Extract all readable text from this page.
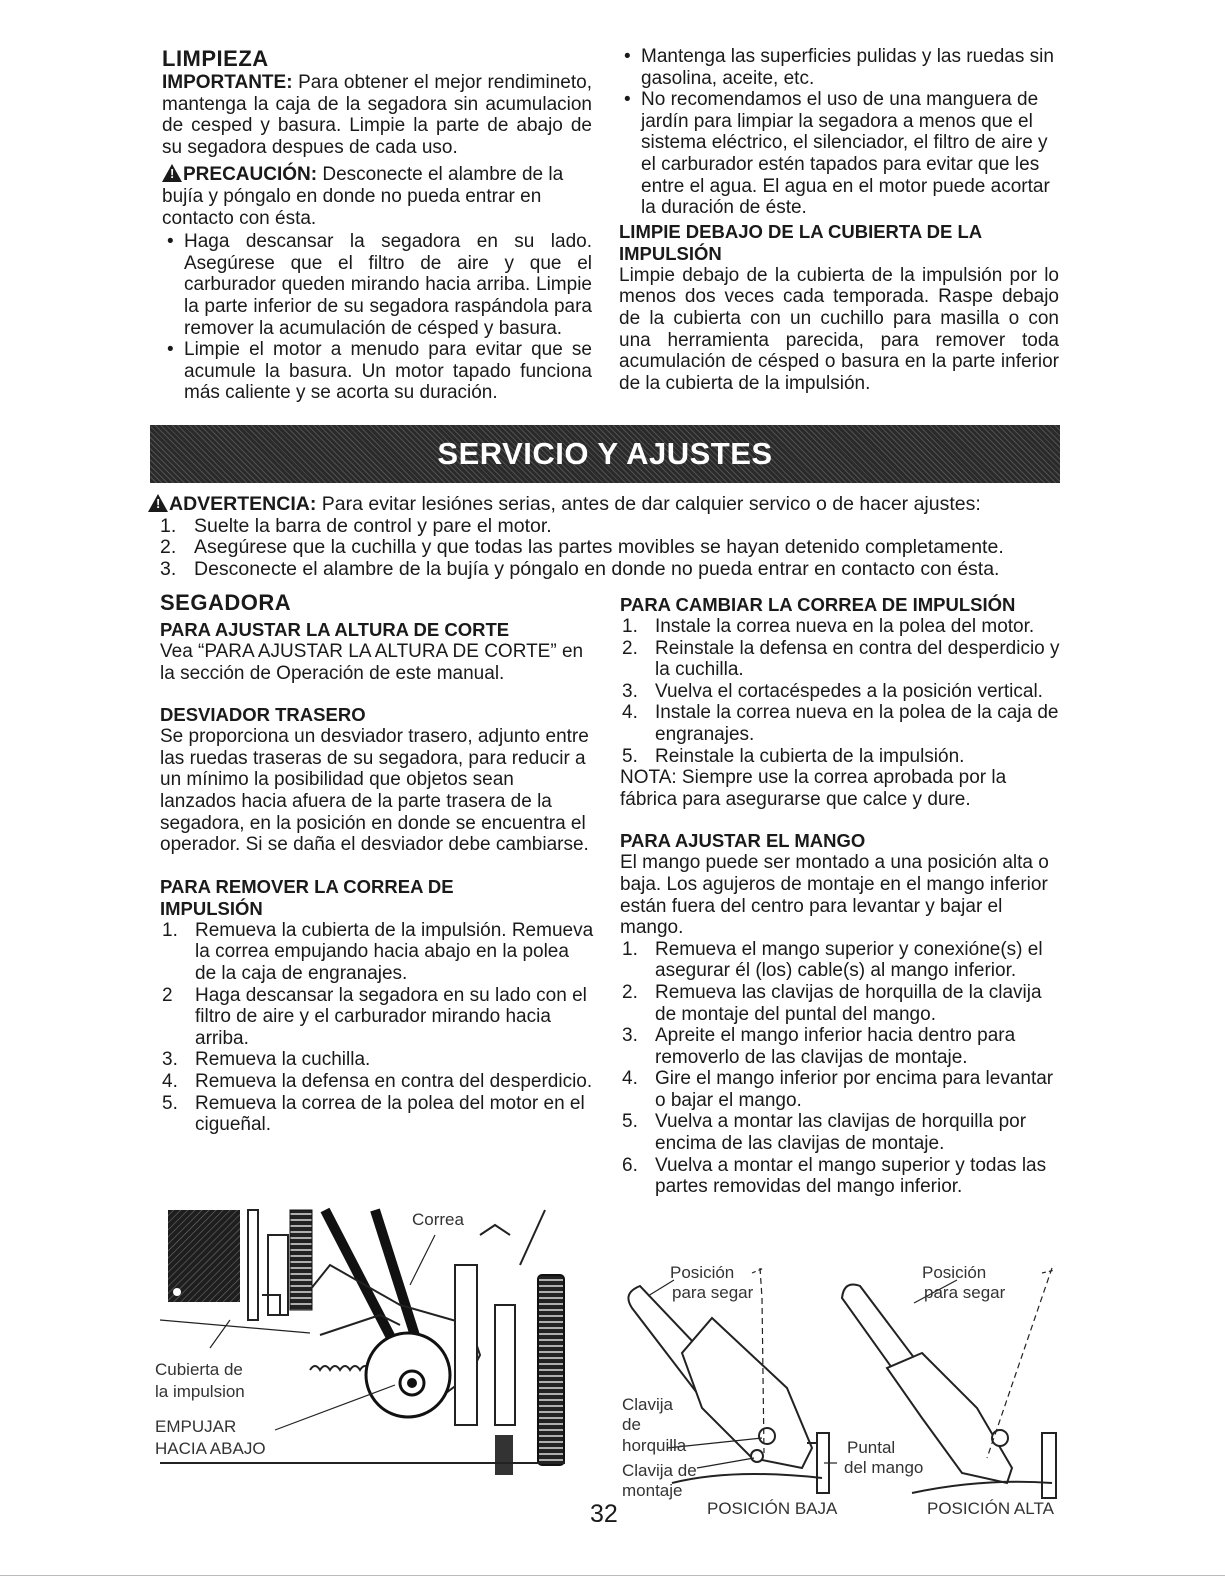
LIMPIEZA

IMPORTANTE: Para obtener el mejor rendimineto, mantenga la caja de la segadora sin acumulacion de cesped y basura. Limpie la parte de abajo de su segadora despues de cada uso.

!PRECAUCIÓN: Desconecte el alambre de la bujía y póngalo en donde no pueda entrar en contacto con ésta.

• Haga descansar la segadora en su lado. Asegúrese que el filtro de aire y que el carburador queden mirando hacia arriba. Limpie la parte inferior de su segadora raspándola para remover la acumulación de césped y basura.
• Limpie el motor a menudo para evitar que se acumule la basura. Un motor tapado funciona más caliente y se acorta su duración.
• Mantenga las superficies pulidas y las ruedas sin gasolina, aceite, etc.
• No recomendamos el uso de una manguera de jardín para limpiar la segadora a menos que el sistema eléctrico, el silenciador, el filtro de aire y el carburador estén tapados para evitar que les entre el agua. El agua en el motor puede acortar la duración de éste.
LIMPIE DEBAJO DE LA CUBIERTA DE LA IMPULSIÓN

Limpie debajo de la cubierta de la impulsión por lo menos dos veces cada temporada. Raspe debajo de la cubierta con un cuchillo para masilla o con una herramienta parecida, para remover toda acumulación de césped o basura en la parte inferior de la cubierta de la impulsión.

SERVICIO Y AJUSTES

!ADVERTENCIA: Para evitar lesiónes serias, antes de dar calquier servico o de hacer ajustes:

1. Suelte la barra de control y pare el motor.
2. Asegúrese que la cuchilla y que todas las partes movibles se hayan detenido completamente.
3. Desconecte el alambre de la bujía y póngalo en donde no pueda entrar en contacto con ésta.
SEGADORA
PARA AJUSTAR LA ALTURA DE CORTE

Vea “PARA AJUSTAR LA ALTURA DE CORTE” en la sección de Operación de este manual.

DESVIADOR TRASERO

Se proporciona un desviador trasero, adjunto entre las ruedas traseras de su segadora, para reducir a un mínimo la posibilidad que objetos sean lanzados hacia afuera de la parte trasera de la segadora, en la posición en donde se encuentra el operador. Si se daña el desviador debe cambiarse.

PARA REMOVER LA CORREA DE IMPULSIÓN
1. Remueva la cubierta de la impulsión. Remueva la correa empujando hacia abajo en la polea de la caja de engranajes.
2 Haga descansar la segadora en su lado con el filtro de aire y el carburador mirando hacia arriba.
3. Remueva la cuchilla.
4. Remueva la defensa en contra del desperdicio.
5. Remueva la correa de la polea del motor en el cigueñal.
PARA CAMBIAR LA CORREA DE IMPULSIÓN
1. Instale la correa nueva en la polea del motor.
2. Reinstale la defensa en contra del desperdicio y la cuchilla.
3. Vuelva el cortacéspedes a la posición vertical.
4. Instale la correa nueva en la polea de la caja de engranajes.
5. Reinstale la cubierta de la impulsión.

NOTA: Siempre use la correa aprobada por la fábrica para asegurarse que calce y dure.

PARA AJUSTAR EL MANGO

El mango puede ser montado a una posición alta o baja. Los agujeros de montaje en el mango inferior están fuera del centro para levantar y bajar el mango.

1. Remueva el mango superior y conexióne(s) el asegurar él (los) cable(s) al mango inferior.
2. Remueva las clavijas de horquilla de la clavija de montaje del puntal del mango.
3. Apreite el mango inferior hacia dentro para removerlo de las clavijas de montaje.
4. Gire el mango inferior por encima para levantar o bajar el mango.
5. Vuelva a montar las clavijas de horquilla por encima de las clavijas de montaje.
6. Vuelva a montar el mango superior y todas las partes removidas del mango inferior.
Correa
Cubierta de
la impulsion
EMPUJAR
HACIA ABAJO
32
Posición
para segar
Posición
para segar
Clavija
de
horquilla
Clavija de
montaje
Puntal
del mango
POSICIÓN BAJA	POSICIÓN ALTA
